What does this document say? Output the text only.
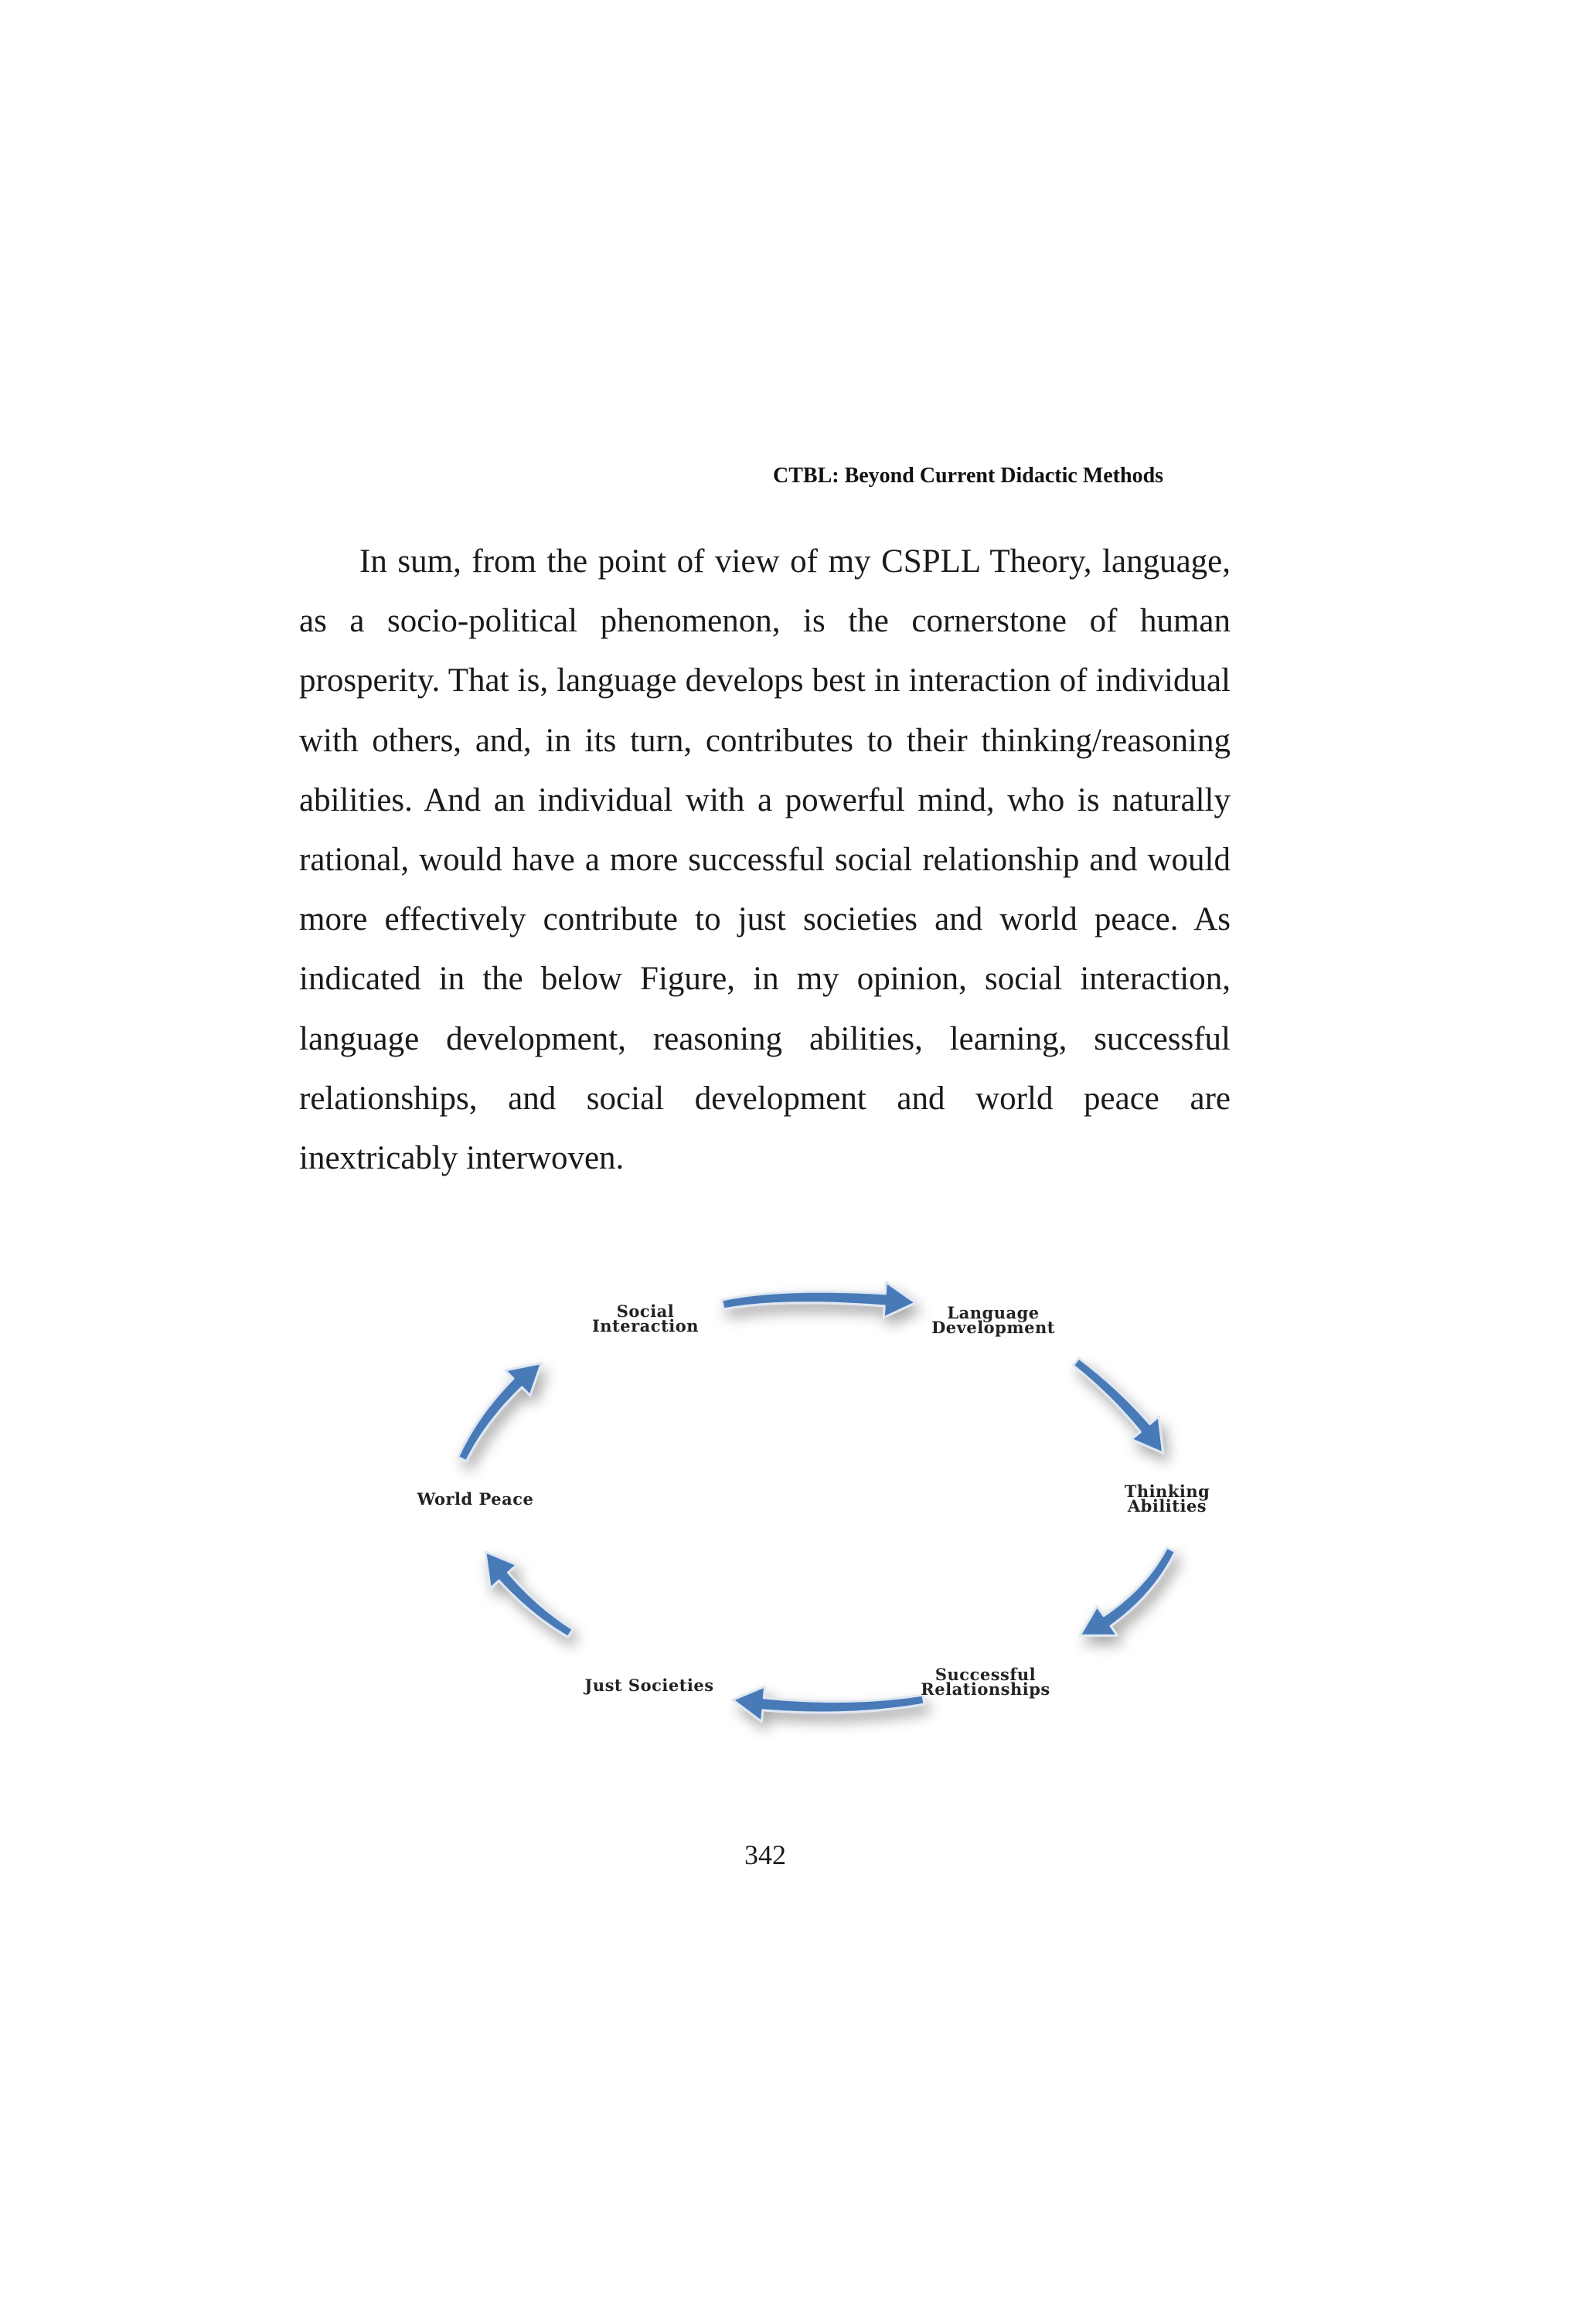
CTBL: Beyond Current Didactic Methods

In sum, from the point of view of my CSPLL Theory, language, as a socio-political phenomenon, is the cornerstone of human prosperity. That is, language develops best in interaction of individual with others, and, in its turn, contributes to their thinking/reasoning abilities. And an individual with a powerful mind, who is naturally rational, would have a more successful social relationship and would more effectively contribute to just societies and world peace. As indicated in the below Figure, in my opinion, social interaction, language development, reasoning abilities, learning, successful relationships, and social development and world peace are inextricably interwoven.

Social
Interaction
Language
Development
Thinking
Abilities
Successful
Relationships
Just Societies
World Peace
342
